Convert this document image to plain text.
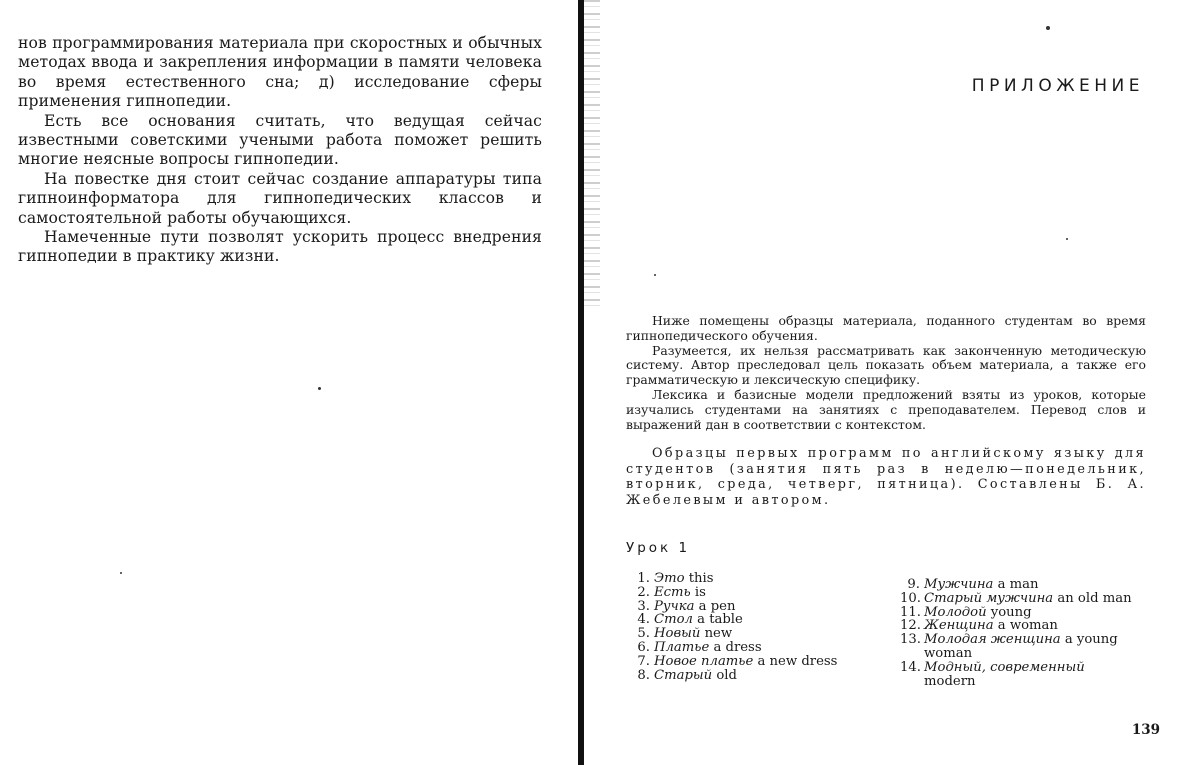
нов программирования материала при скоростных и обычных методах ввода и закрепления информации в памяти человека во время естественного сна; д) исследование сферы применения гипнопедии.

Есть все основания считать, что ведущая сейчас известными советскими учеными работа поможет решить многие неясные вопросы гипнопедии.

На повестке дня стоит сейчас создание аппаратуры типа гипноинформатора для гипнопедических классов и самостоятельной работы обучающихся.

Намеченные пути позволят ускорить процесс внедрения гипнопедии в практику жизни.

ПРИЛОЖЕНИЕ

Ниже помещены образцы материала, поданного студентам во время гипнопедического обучения.

Разумеется, их нельзя рассматривать как законченную методическую систему. Автор преследовал цель показать объем материала, а также его грамматическую и лексическую специфику.

Лексика и базисные модели предложений взяты из уроков, которые изучались студентами на занятиях с преподавателем. Перевод слов и выражений дан в соответствии с контекстом.

Образцы первых программ по английскому языку для студентов (занятия пять раз в неделю—понедельник, вторник, среда, четверг, пятница). Составлены Б. А. Жебелевым и автором.

Урок 1
1. Это this
2. Есть is
3. Ручка a pen
4. Стол a table
5. Новый new
6. Платье a dress
7. Новое платье a new dress
8. Старый old
9. Мужчина a man
10. Старый мужчина an old man
11. Молодой young
12. Женщина a woman
13. Молодая женщина a young woman
14. Модный, современный
modern
139
